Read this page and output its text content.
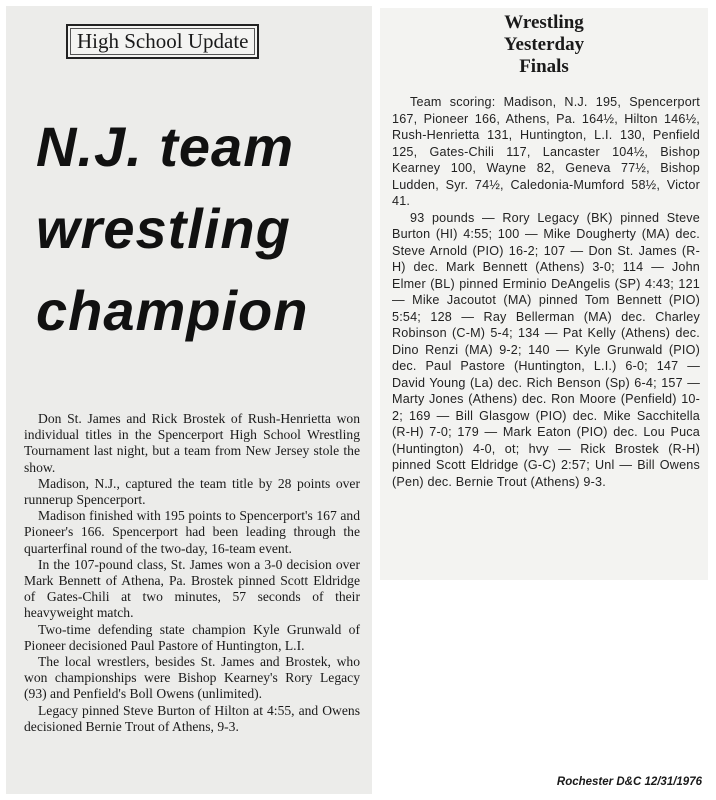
High School Update
N.J. team
wrestling
champion

Don St. James and Rick Brostek of Rush-Henrietta won individual titles in the Spencerport High School Wrestling Tournament last night, but a team from New Jersey stole the show.

Madison, N.J., captured the team title by 28 points over runnerup Spencerport.

Madison finished with 195 points to Spencerport's 167 and Pioneer's 166. Spencerport had been leading through the quarterfinal round of the two-day, 16-team event.

In the 107-pound class, St. James won a 3-0 decision over Mark Bennett of Athena, Pa. Brostek pinned Scott Eldridge of Gates-Chili at two minutes, 57 seconds of their heavyweight match.

Two-time defending state champion Kyle Grunwald of Pioneer decisioned Paul Pastore of Huntington, L.I.

The local wrestlers, besides St. James and Brostek, who won championships were Bishop Kearney's Rory Legacy (93) and Penfield's Boll Owens (unlimited).

Legacy pinned Steve Burton of Hilton at 4:55, and Owens decisioned Bernie Trout of Athens, 9-3.

Wrestling
Yesterday
Finals

Team scoring: Madison, N.J. 195, Spencerport 167, Pioneer 166, Athens, Pa. 164½, Hilton 146½, Rush-Henrietta 131, Huntington, L.I. 130, Penfield 125, Gates-Chili 117, Lancaster 104½, Bishop Kearney 100, Wayne 82, Geneva 77½, Bishop Ludden, Syr. 74½, Caledonia-Mumford 58½, Victor 41.

93 pounds — Rory Legacy (BK) pinned Steve Burton (HI) 4:55; 100 — Mike Dougherty (MA) dec. Steve Arnold (PIO) 16-2; 107 — Don St. James (R-H) dec. Mark Bennett (Athens) 3-0; 114 — John Elmer (BL) pinned Erminio DeAngelis (SP) 4:43; 121 — Mike Jacoutot (MA) pinned Tom Bennett (PIO) 5:54; 128 — Ray Bellerman (MA) dec. Charley Robinson (C-M) 5-4; 134 — Pat Kelly (Athens) dec. Dino Renzi (MA) 9-2; 140 — Kyle Grunwald (PIO) dec. Paul Pastore (Huntington, L.I.) 6-0; 147 — David Young (La) dec. Rich Benson (Sp) 6-4; 157 — Marty Jones (Athens) dec. Ron Moore (Penfield) 10-2; 169 — Bill Glasgow (PIO) dec. Mike Sacchitella (R-H) 7-0; 179 — Mark Eaton (PIO) dec. Lou Puca (Huntington) 4-0, ot; hvy — Rick Brostek (R-H) pinned Scott Eldridge (G-C) 2:57; Unl — Bill Owens (Pen) dec. Bernie Trout (Athens) 9-3.

Rochester D&C 12/31/1976
